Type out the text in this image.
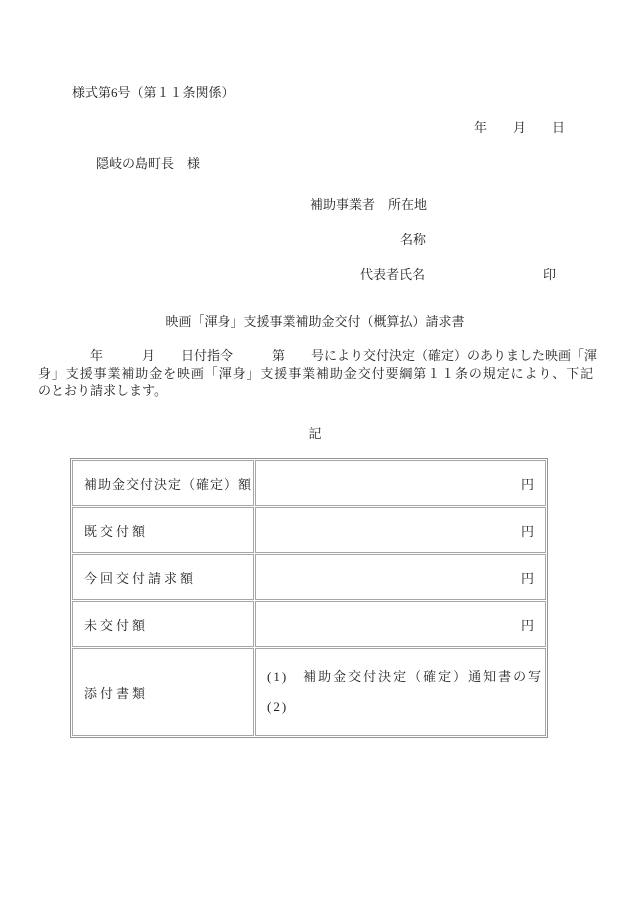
様式第6号（第１１条関係）
年　　月　　日
隠岐の島町長　様
補助事業者　所在地
名称
代表者氏名	印
映画「渾身」支援事業補助金交付（概算払）請求書
　　　　年　　　月　　日付指令　　　第　　号により交付決定（確定）のありました映画「渾
身」支援事業補助金を映画「渾身」支援事業補助金交付要綱第１１条の規定により、下記
のとおり請求します。
記
補助金交付決定（確定）額	円
既交付額	円
今回交付請求額	円
未交付額	円
添付書類	(1)　補助金交付決定（確定）通知書の写
(2)
